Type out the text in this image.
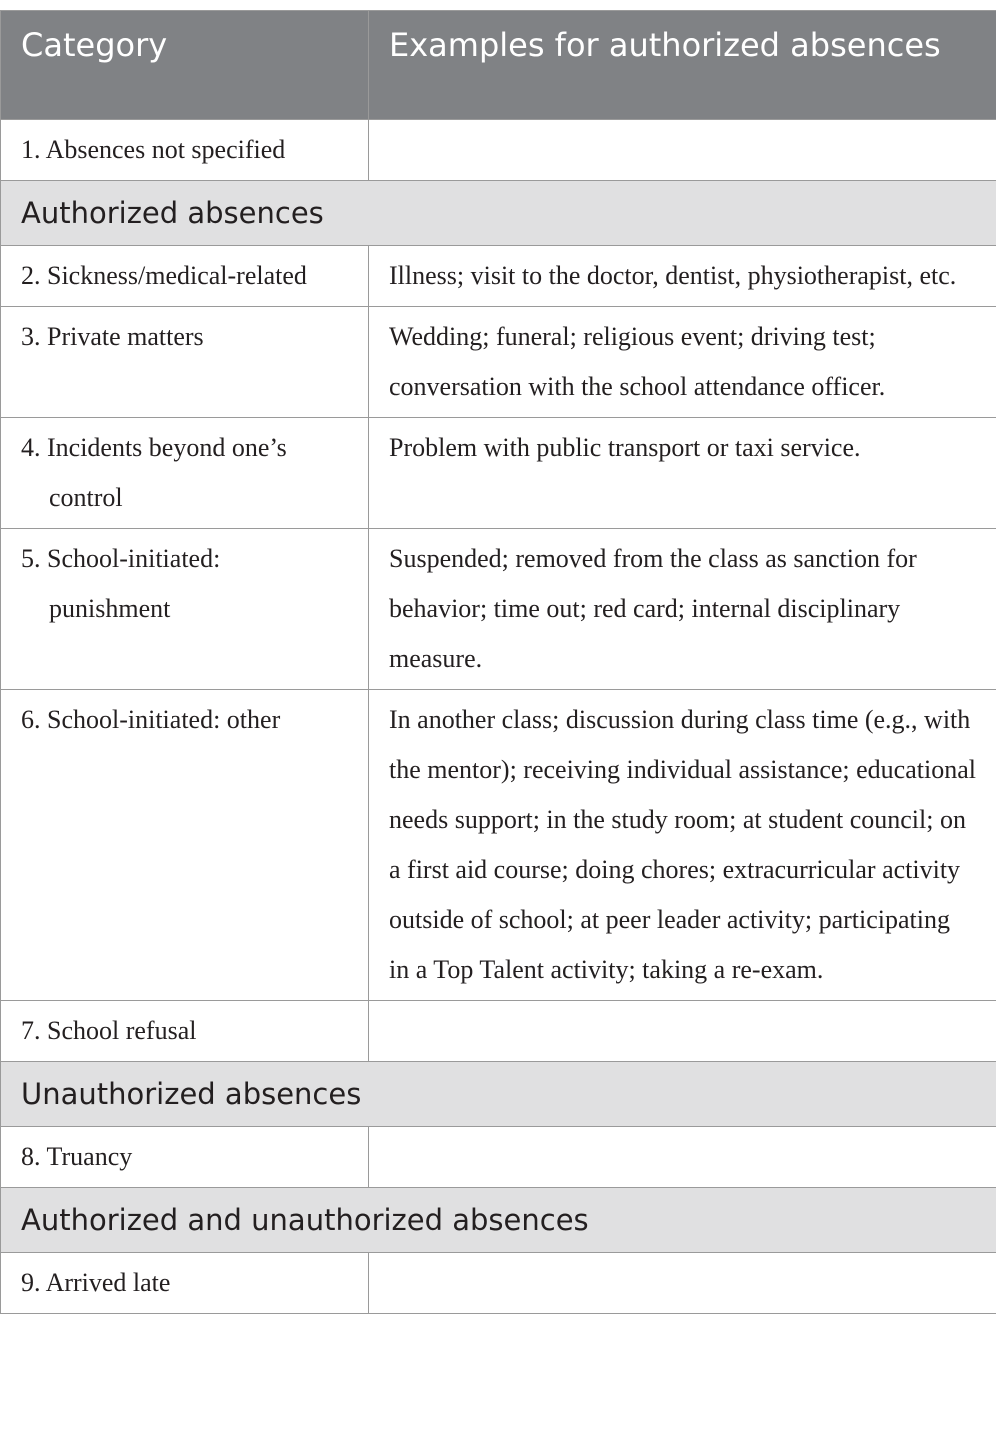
Category	Examples for authorized absences
1. Absences not specified	
Authorized absences	
2. Sickness/medical-related	Illness; visit to the doctor, dentist, physiotherapist, etc.
3. Private matters	Wedding; funeral; religious event; driving test; conversation with the school attendance officer.
4. Incidents beyond one’s control	Problem with public transport or taxi service.
5. School-initiated: punishment	Suspended; removed from the class as sanction for behavior; time out; red card; internal disciplinary measure.
6. School-initiated: other	In another class; discussion during class time (e.g., with the mentor); receiving individual assistance; educational needs support; in the study room; at student council; on a first aid course; doing chores; extracurricular activity outside of school; at peer leader activity; participating in a Top Talent activity; taking a re-exam.
7. School refusal	
Unauthorized absences	
8. Truancy	
Authorized and unauthorized absences	
9. Arrived late	
